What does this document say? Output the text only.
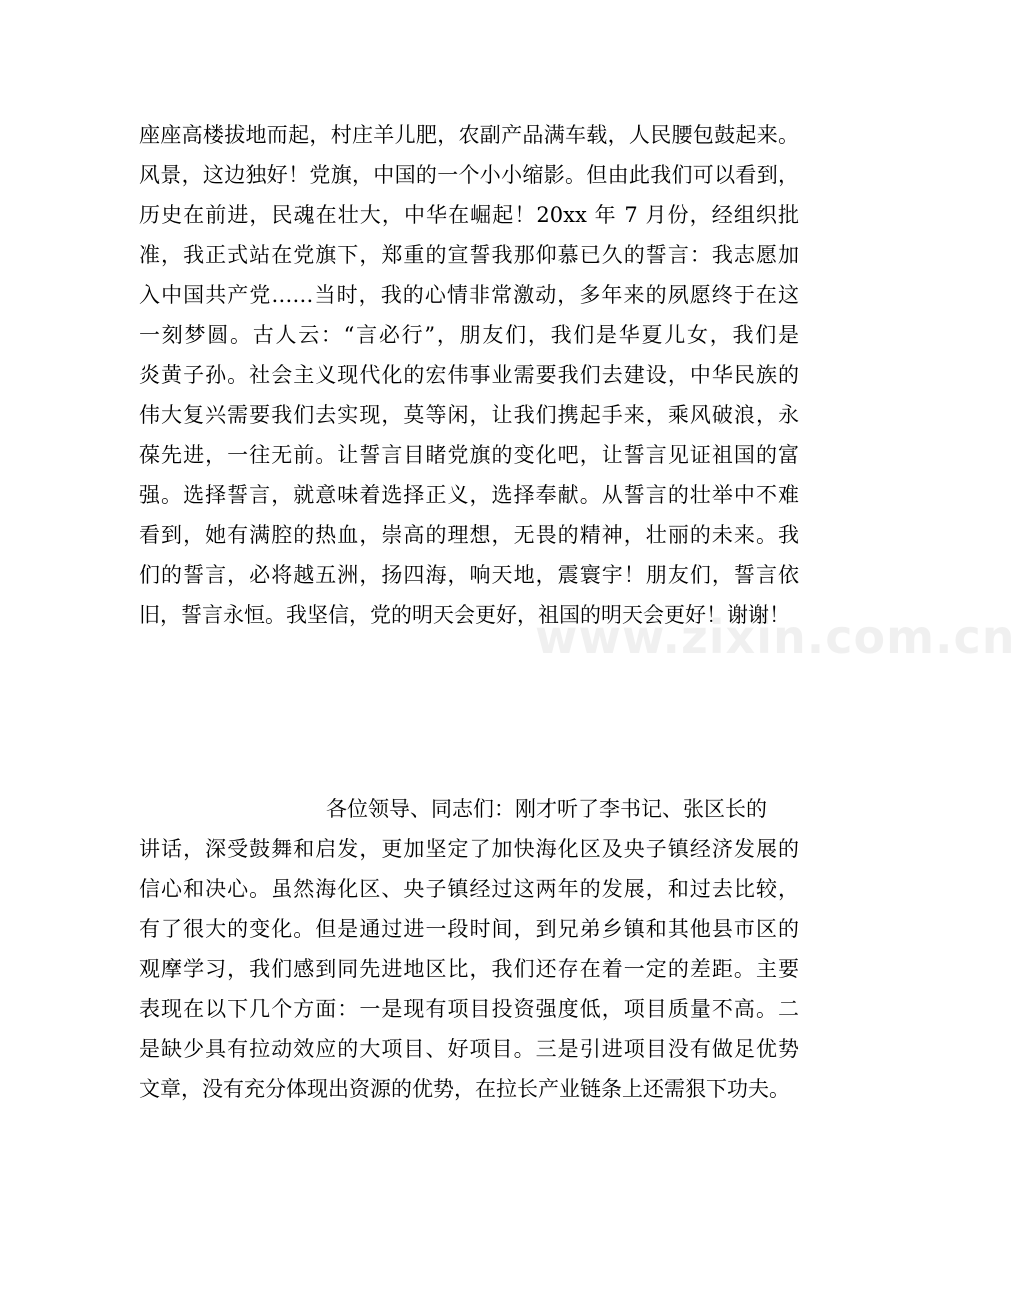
www.zixin.com.cn
座座高楼拔地而起，村庄羊儿肥，农副产品满车载，人民腰包鼓起来。
风景，这边独好！党旗，中国的一个小小缩影。但由此我们可以看到，
历史在前进，民魂在壮大，中华在崛起！20xx 年 7 月份，经组织批
准，我正式站在党旗下，郑重的宣誓我那仰慕已久的誓言：我志愿加
入中国共产党……当时，我的心情非常激动，多年来的夙愿终于在这
一刻梦圆。古人云：“言必行”，朋友们，我们是华夏儿女，我们是
炎黄子孙。社会主义现代化的宏伟事业需要我们去建设，中华民族的
伟大复兴需要我们去实现，莫等闲，让我们携起手来，乘风破浪，永
葆先进，一往无前。让誓言目睹党旗的变化吧，让誓言见证祖国的富
强。选择誓言，就意味着选择正义，选择奉献。从誓言的壮举中不难
看到，她有满腔的热血，崇高的理想，无畏的精神，壮丽的未来。我
们的誓言，必将越五洲，扬四海，响天地，震寰宇！朋友们，誓言依
旧，誓言永恒。我坚信，党的明天会更好，祖国的明天会更好！谢谢！
各位领导、同志们：刚才听了李书记、张区长的
讲话，深受鼓舞和启发，更加坚定了加快海化区及央子镇经济发展的
信心和决心。虽然海化区、央子镇经过这两年的发展，和过去比较，
有了很大的变化。但是通过进一段时间，到兄弟乡镇和其他县市区的
观摩学习，我们感到同先进地区比，我们还存在着一定的差距。主要
表现在以下几个方面：一是现有项目投资强度低，项目质量不高。二
是缺少具有拉动效应的大项目、好项目。三是引进项目没有做足优势
文章，没有充分体现出资源的优势，在拉长产业链条上还需狠下功夫。
